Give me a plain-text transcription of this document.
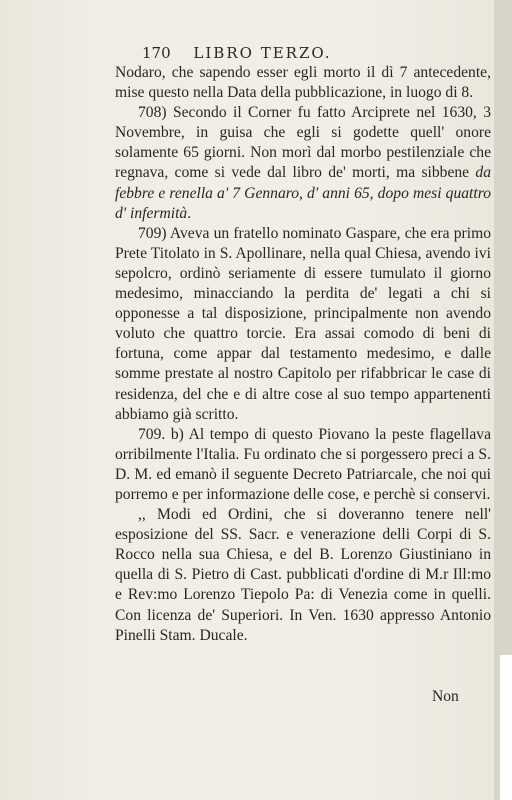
170 LIBRO TERZO.

Nodaro, che sapendo esser egli morto il dì 7 antecedente, mise questo nella Data della pubblicazione, in luogo di 8.

708) Secondo il Corner fu fatto Arciprete nel 1630, 3 Novembre, in guisa che egli si godette quell' onore solamente 65 giorni. Non morì dal morbo pestilenziale che regnava, come si vede dal libro de' morti, ma sibbene da febbre e renella a' 7 Gennaro, d' anni 65, dopo mesi quattro d' infermità.

709) Aveva un fratello nominato Gaspare, che era primo Prete Titolato in S. Apollinare, nella qual Chiesa, avendo ivi sepolcro, ordinò seriamente di essere tumulato il giorno medesimo, minacciando la perdita de' legati a chi si opponesse a tal disposizione, principalmente non avendo voluto che quattro torcie. Era assai comodo di beni di fortuna, come appar dal testamento medesimo, e dalle somme prestate al nostro Capitolo per rifabbricar le case di residenza, del che e di altre cose al suo tempo appartenenti abbiamo già scritto.

709. b) Al tempo di questo Piovano la peste flagellava orribilmente l'Italia. Fu ordinato che si porgessero preci a S. D. M. ed emanò il seguente Decreto Patriarcale, che noi qui porremo e per informazione delle cose, e perchè si conservi.

,, Modi ed Ordini, che si doveranno tenere nell' esposizione del SS. Sacr. e venerazione delli Corpi di S. Rocco nella sua Chiesa, e del B. Lorenzo Giustiniano in quella di S. Pietro di Cast. pubblicati d'ordine di M.r Ill:mo e Rev:mo Lorenzo Tiepolo Pa: di Venezia come in quelli. Con licenza de' Superiori. In Ven. 1630 appresso Antonio Pinelli Stam. Ducale.

Non
